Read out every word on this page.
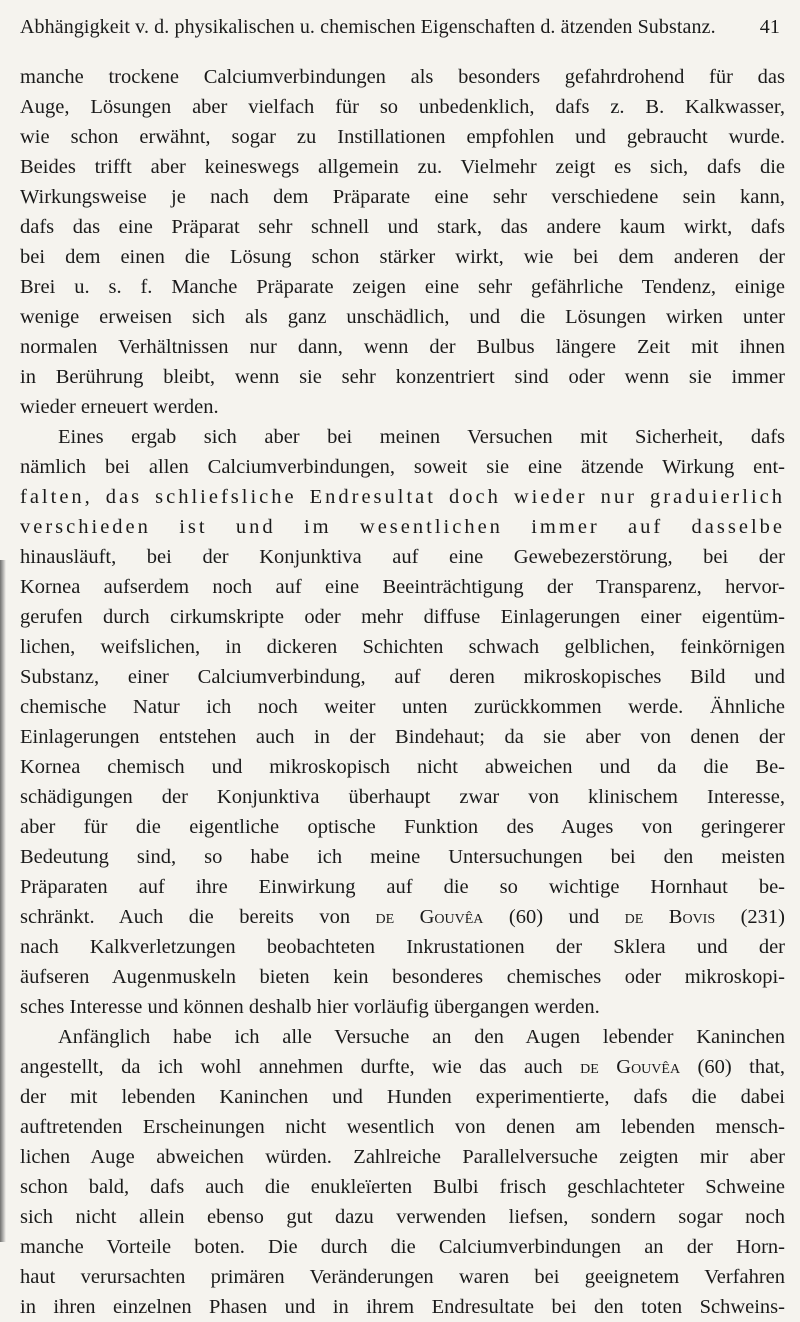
Abhängigkeit v. d. physikalischen u. chemischen Eigenschaften d. ätzenden Substanz. 41
manche trockene Calciumverbindungen als besonders gefahrdrohend für das
Auge, Lösungen aber vielfach für so unbedenklich, dafs z. B. Kalkwasser,
wie schon erwähnt, sogar zu Instillationen empfohlen und gebraucht wurde.
Beides trifft aber keineswegs allgemein zu. Vielmehr zeigt es sich, dafs die
Wirkungsweise je nach dem Präparate eine sehr verschiedene sein kann,
dafs das eine Präparat sehr schnell und stark, das andere kaum wirkt, dafs
bei dem einen die Lösung schon stärker wirkt, wie bei dem anderen der
Brei u. s. f. Manche Präparate zeigen eine sehr gefährliche Tendenz, einige
wenige erweisen sich als ganz unschädlich, und die Lösungen wirken unter
normalen Verhältnissen nur dann, wenn der Bulbus längere Zeit mit ihnen
in Berührung bleibt, wenn sie sehr konzentriert sind oder wenn sie immer
wieder erneuert werden.
Eines ergab sich aber bei meinen Versuchen mit Sicherheit, dafs
nämlich bei allen Calciumverbindungen, soweit sie eine ätzende Wirkung ent-
falten, das schliefsliche Endresultat doch wieder nur graduierlich
verschieden ist und im wesentlichen immer auf dasselbe
hinausläuft, bei der Konjunktiva auf eine Gewebezerstörung, bei der
Kornea aufserdem noch auf eine Beeinträchtigung der Transparenz, hervor-
gerufen durch cirkumskripte oder mehr diffuse Einlagerungen einer eigentüm-
lichen, weifslichen, in dickeren Schichten schwach gelblichen, feinkörnigen
Substanz, einer Calciumverbindung, auf deren mikroskopisches Bild und
chemische Natur ich noch weiter unten zurückkommen werde. Ähnliche
Einlagerungen entstehen auch in der Bindehaut; da sie aber von denen der
Kornea chemisch und mikroskopisch nicht abweichen und da die Be-
schädigungen der Konjunktiva überhaupt zwar von klinischem Interesse,
aber für die eigentliche optische Funktion des Auges von geringerer
Bedeutung sind, so habe ich meine Untersuchungen bei den meisten
Präparaten auf ihre Einwirkung auf die so wichtige Hornhaut be-
schränkt. Auch die bereits von de Gouvêa (60) und de Bovis (231)
nach Kalkverletzungen beobachteten Inkrustationen der Sklera und der
äufseren Augenmuskeln bieten kein besonderes chemisches oder mikroskopi-
sches Interesse und können deshalb hier vorläufig übergangen werden.
Anfänglich habe ich alle Versuche an den Augen lebender Kaninchen
angestellt, da ich wohl annehmen durfte, wie das auch de Gouvêa (60) that,
der mit lebenden Kaninchen und Hunden experimentierte, dafs die dabei
auftretenden Erscheinungen nicht wesentlich von denen am lebenden mensch-
lichen Auge abweichen würden. Zahlreiche Parallelversuche zeigten mir aber
schon bald, dafs auch die enukleïerten Bulbi frisch geschlachteter Schweine
sich nicht allein ebenso gut dazu verwenden liefsen, sondern sogar noch
manche Vorteile boten. Die durch die Calciumverbindungen an der Horn-
haut verursachten primären Veränderungen waren bei geeignetem Verfahren
in ihren einzelnen Phasen und in ihrem Endresultate bei den toten Schweins-
